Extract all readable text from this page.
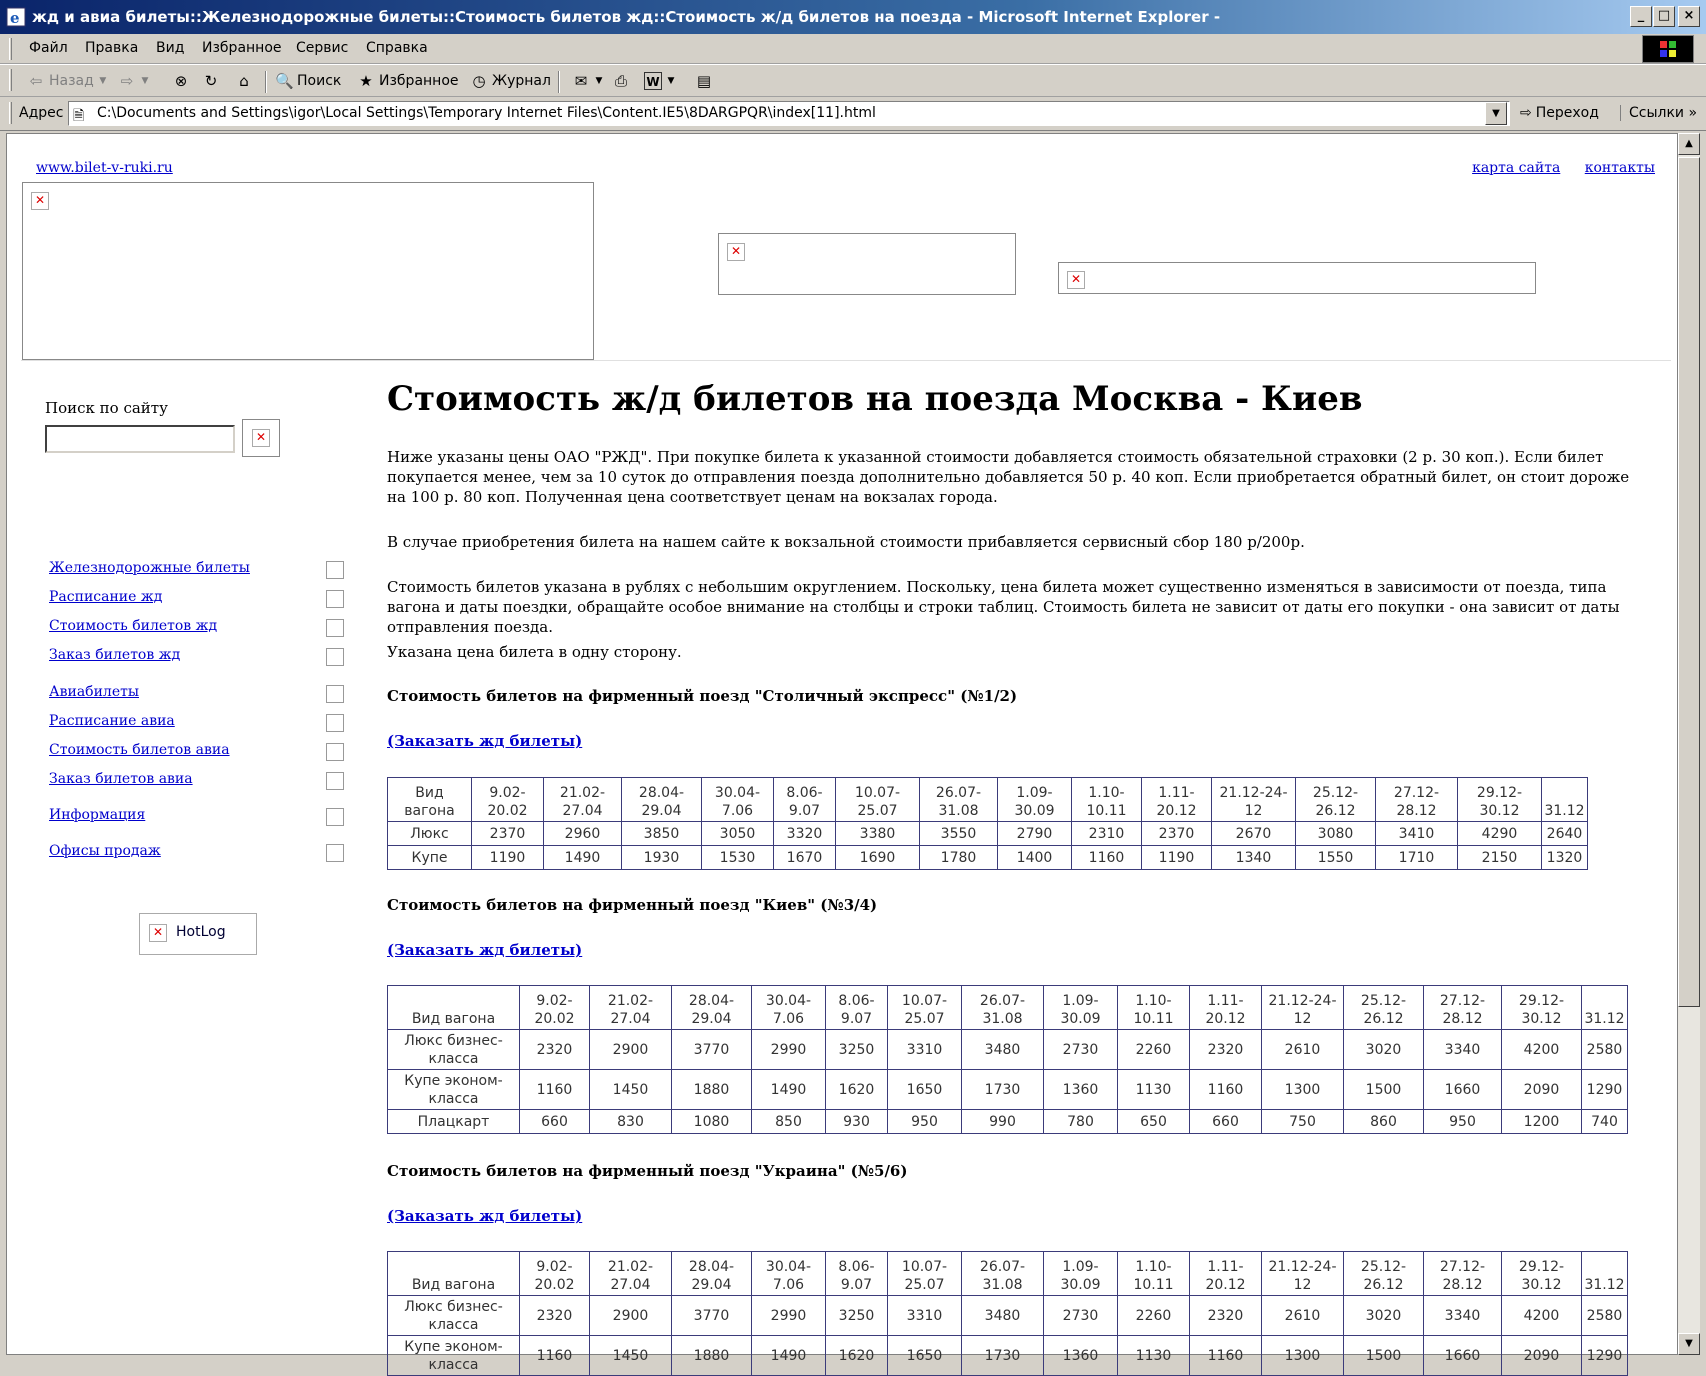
e жд и авиа билеты::Железнодорожные билеты::Стоимость билетов жд::Стоимость ж/д билетов на поезда - Microsoft Internet Explorer -	_	□	×
Файл Правка Вид Избранное Сервис Справка
⇦ Назад ▼ ⇨ ▼ ⊗ ↻ ⌂ 🔍 Поиск ★ Избранное ◷ Журнал ✉ ▼ ⎙ W ▼ ▤
Адрес 🗎 C:\Documents and Settings\igor\Local Settings\Temporary Internet Files\Content.IE5\8DARGPQR\index[11].html	▼	⇨ Переход	Ссылки »
www.bilet-v-ruki.ru	карта сайта контакты
✕
✕
✕
Поиск по сайту
✕
Железнодорожные билеты
Расписание жд
Стоимость билетов жд
Заказ билетов жд
Авиабилеты
Расписание авиа
Стоимость билетов авиа
Заказ билетов авиа
Информация
Офисы продаж
✕ HotLog
Стоимость ж/д билетов на поезда Москва - Киев

Ниже указаны цены ОАО "РЖД". При покупке билета к указанной стоимости добавляется стоимость обязательной страховки (2 р. 30 коп.). Если билет покупается менее, чем за 10 суток до отправления поезда дополнительно добавляется 50 р. 40 коп. Если приобретается обратный билет, он стоит дороже на 100 р. 80 коп. Полученная цена соответствует ценам на вокзалах города.

В случае приобретения билета на нашем сайте к вокзальной стоимости прибавляется сервисный сбор 180 р/200р.

Стоимость билетов указана в рублях с небольшим округлением. Поскольку, цена билета может существенно изменяться в зависимости от поезда, типа вагона и даты поездки, обращайте особое внимание на столбцы и строки таблиц. Стоимость билета не зависит от даты его покупки - она зависит от даты отправления поезда.

Указана цена билета в одну сторону.

Стоимость билетов на фирменный поезд "Столичный экспресс" (№1/2)
(Заказать жд билеты)
Вид вагона	9.02-20.02	21.02-27.04	28.04-29.04	30.04-7.06	8.06-9.07	10.07-25.07	26.07-31.08	1.09-30.09	1.10-10.11	1.11-20.12	21.12-24-12	25.12-26.12	27.12-28.12	29.12-30.12	31.12
Люкс	2370	2960	3850	3050	3320	3380	3550	2790	2310	2370	2670	3080	3410	4290	2640
Купе	1190	1490	1930	1530	1670	1690	1780	1400	1160	1190	1340	1550	1710	2150	1320
Стоимость билетов на фирменный поезд "Киев" (№3/4)
(Заказать жд билеты)
Вид вагона	9.02-20.02	21.02-27.04	28.04-29.04	30.04-7.06	8.06-9.07	10.07-25.07	26.07-31.08	1.09-30.09	1.10-10.11	1.11-20.12	21.12-24-12	25.12-26.12	27.12-28.12	29.12-30.12	31.12
Люкс бизнес-класса	2320	2900	3770	2990	3250	3310	3480	2730	2260	2320	2610	3020	3340	4200	2580
Купе эконом-класса	1160	1450	1880	1490	1620	1650	1730	1360	1130	1160	1300	1500	1660	2090	1290
Плацкарт	660	830	1080	850	930	950	990	780	650	660	750	860	950	1200	740
Стоимость билетов на фирменный поезд "Украина" (№5/6)
(Заказать жд билеты)
Вид вагона	9.02-20.02	21.02-27.04	28.04-29.04	30.04-7.06	8.06-9.07	10.07-25.07	26.07-31.08	1.09-30.09	1.10-10.11	1.11-20.12	21.12-24-12	25.12-26.12	27.12-28.12	29.12-30.12	31.12
Люкс бизнес-класса	2320	2900	3770	2990	3250	3310	3480	2730	2260	2320	2610	3020	3340	4200	2580
Купе эконом-класса	1160	1450	1880	1490	1620	1650	1730	1360	1130	1160	1300	1500	1660	2090	1290
▲
▼
